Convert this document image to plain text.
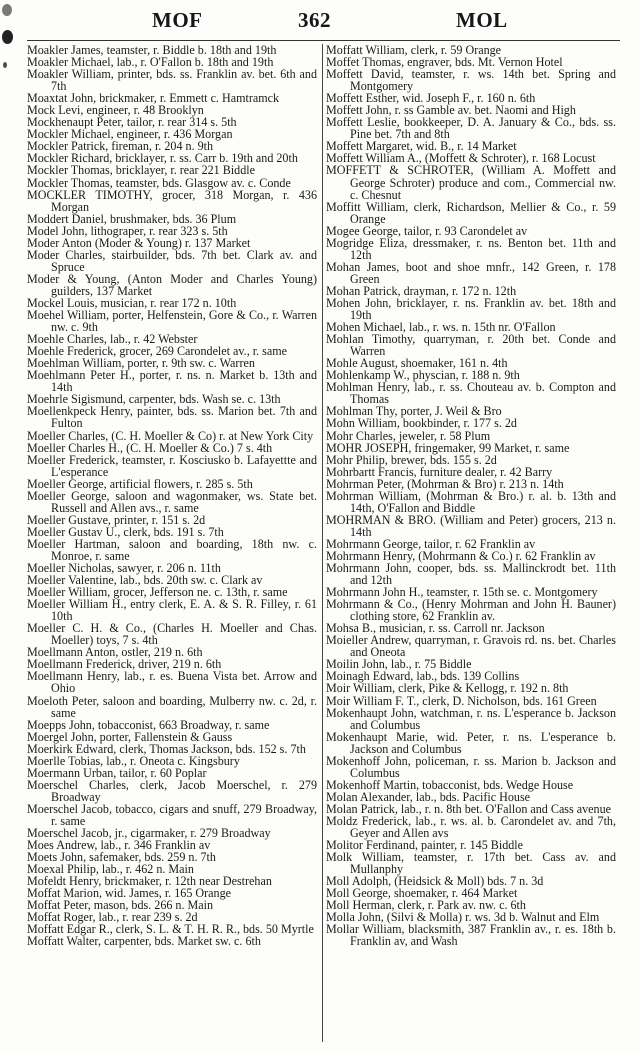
MOF	362	MOL
Moakler James, teamster, r. Biddle b. 18th and 19th
Moakler Michael, lab., r. O'Fallon b. 18th and 19th
Moakler William, printer, bds. ss. Franklin av. bet. 6th and 7th
Moaxtat John, brickmaker, r. Emmett c. Hamtramck
Mock Levi, engineer, r. 48 Brooklyn
Mockhenaupt Peter, tailor, r. rear 314 s. 5th
Mockler Michael, engineer, r. 436 Morgan
Mockler Patrick, fireman, r. 204 n. 9th
Mockler Richard, bricklayer, r. ss. Carr b. 19th and 20th
Mockler Thomas, bricklayer, r. rear 221 Biddle
Mockler Thomas, teamster, bds. Glasgow av. c. Conde
MOCKLER TIMOTHY, grocer, 318 Morgan, r. 436 Morgan
Moddert Daniel, brushmaker, bds. 36 Plum
Model John, lithograper, r. rear 323 s. 5th
Moder Anton (Moder & Young) r. 137 Market
Moder Charles, stairbuilder, bds. 7th bet. Clark av. and Spruce
Moder & Young, (Anton Moder and Charles Young) guilders, 137 Market
Mockel Louis, musician, r. rear 172 n. 10th
Moehel William, porter, Helfenstein, Gore & Co., r. Warren nw. c. 9th
Moehle Charles, lab., r. 42 Webster
Moehle Frederick, grocer, 269 Carondelet av., r. same
Moehlman William, porter, r. 9th sw. c. Warren
Moehlmann Peter H., porter, r. ns. n. Market b. 13th and 14th
Moehrle Sigismund, carpenter, bds. Wash se. c. 13th
Moellenkpeck Henry, painter, bds. ss. Marion bet. 7th and Fulton
Moeller Charles, (C. H. Moeller & Co) r. at New York City
Moeller Charles H., (C. H. Moeller & Co.) 7 s. 4th
Moeller Frederick, teamster, r. Kosciusko b. Lafayettte and L'esperance
Moeller George, artificial flowers, r. 285 s. 5th
Moeller George, saloon and wagonmaker, ws. State bet. Russell and Allen avs., r. same
Moeller Gustave, printer, r. 151 s. 2d
Moeller Gustav U., clerk, bds. 191 s. 7th
Moeller Hartman, saloon and boarding, 18th nw. c. Monroe, r. same
Moeller Nicholas, sawyer, r. 206 n. 11th
Moeller Valentine, lab., bds. 20th sw. c. Clark av
Moeller William, grocer, Jefferson ne. c. 13th, r. same
Moeller William H., entry clerk, E. A. & S. R. Filley, r. 61 10th
Moeller C. H. & Co., (Charles H. Moeller and Chas. Moeller) toys, 7 s. 4th
Moellmann Anton, ostler, 219 n. 6th
Moellmann Frederick, driver, 219 n. 6th
Moellmann Henry, lab., r. es. Buena Vista bet. Arrow and Ohio
Moeloth Peter, saloon and boarding, Mulberry nw. c. 2d, r. same
Moepps John, tobacconist, 663 Broadway, r. same
Moergel John, porter, Fallenstein & Gauss
Moerkirk Edward, clerk, Thomas Jackson, bds. 152 s. 7th
Moerlle Tobias, lab., r. Oneota c. Kingsbury
Moermann Urban, tailor, r. 60 Poplar
Moerschel Charles, clerk, Jacob Moerschel, r. 279 Broadway
Moerschel Jacob, tobacco, cigars and snuff, 279 Broadway, r. same
Moerschel Jacob, jr., cigarmaker, r. 279 Broadway
Moes Andrew, lab., r. 346 Franklin av
Moets John, safemaker, bds. 259 n. 7th
Moexal Philip, lab., r. 462 n. Main
Mofeldt Henry, brickmaker, r. 12th near Destrehan
Moffat Marion, wid. James, r. 165 Orange
Moffat Peter, mason, bds. 266 n. Main
Moffat Roger, lab., r. rear 239 s. 2d
Moffatt Edgar R., clerk, S. L. & T. H. R. R., bds. 50 Myrtle
Moffatt Walter, carpenter, bds. Market sw. c. 6th
Moffatt William, clerk, r. 59 Orange
Moffet Thomas, engraver, bds. Mt. Vernon Hotel
Moffett David, teamster, r. ws. 14th bet. Spring and Montgomery
Moffett Esther, wid. Joseph F., r. 160 n. 6th
Moffett John, r. ss Gamble av. bet. Naomi and High
Moffett Leslie, bookkeeper, D. A. January & Co., bds. ss. Pine bet. 7th and 8th
Moffett Margaret, wid. B., r. 14 Market
Moffett William A., (Moffett & Schroter), r. 168 Locust
MOFFETT & SCHROTER, (William A. Moffett and George Schroter) produce and com., Commercial nw. c. Chesnut
Moffitt William, clerk, Richardson, Mellier & Co., r. 59 Orange
Mogee George, tailor, r. 93 Carondelet av
Mogridge Eliza, dressmaker, r. ns. Benton bet. 11th and 12th
Mohan James, boot and shoe mnfr., 142 Green, r. 178 Green
Mohan Patrick, drayman, r. 172 n. 12th
Mohen John, bricklayer, r. ns. Franklin av. bet. 18th and 19th
Mohen Michael, lab., r. ws. n. 15th nr. O'Fallon
Mohlan Timothy, quarryman, r. 20th bet. Conde and Warren
Mohle August, shoemaker, 161 n. 4th
Mohlenkamp W., physcian, r. 188 n. 9th
Mohlman Henry, lab., r. ss. Chouteau av. b. Compton and Thomas
Mohlman Thy, porter, J. Weil & Bro
Mohn William, bookbinder, r. 177 s. 2d
Mohr Charles, jeweler, r. 58 Plum
MOHR JOSEPH, fringemaker, 99 Market, r. same
Mohr Philip, brewer, bds. 155 s. 2d
Mohrbartt Francis, furniture dealer, r. 42 Barry
Mohrman Peter, (Mohrman & Bro) r. 213 n. 14th
Mohrman William, (Mohrman & Bro.) r. al. b. 13th and 14th, O'Fallon and Biddle
MOHRMAN & BRO. (William and Peter) grocers, 213 n. 14th
Mohrmann George, tailor, r. 62 Franklin av
Mohrmann Henry, (Mohrmann & Co.) r. 62 Franklin av
Mohrmann John, cooper, bds. ss. Mallinckrodt bet. 11th and 12th
Mohrmann John H., teamster, r. 15th se. c. Montgomery
Mohrmann & Co., (Henry Mohrman and John H. Bauner) clothing store, 62 Franklin av.
Mohsa B., musician, r. ss. Carroll nr. Jackson
Moieller Andrew, quarryman, r. Gravois rd. ns. bet. Charles and Oneota
Moilin John, lab., r. 75 Biddle
Moinagh Edward, lab., bds. 139 Collins
Moir William, clerk, Pike & Kellogg, r. 192 n. 8th
Moir William F. T., clerk, D. Nicholson, bds. 161 Green
Mokenhaupt John, watchman, r. ns. L'esperance b. Jackson and Columbus
Mokenhaupt Marie, wid. Peter, r. ns. L'esperance b. Jackson and Columbus
Mokenhoff John, policeman, r. ss. Marion b. Jackson and Columbus
Mokenhoff Martin, tobacconist, bds. Wedge House
Molan Alexander, lab., bds. Pacific House
Molan Patrick, lab., r. n. 8th bet. O'Fallon and Cass avenue
Moldz Frederick, lab., r. ws. al. b. Carondelet av. and 7th, Geyer and Allen avs
Molitor Ferdinand, painter, r. 145 Biddle
Molk William, teamster, r. 17th bet. Cass av. and Mullanphy
Moll Adolph, (Heidsick & Moll) bds. 7 n. 3d
Moll George, shoemaker, r. 464 Market
Moll Herman, clerk, r. Park av. nw. c. 6th
Molla John, (Silvi & Molla) r. ws. 3d b. Walnut and Elm
Mollar William, blacksmith, 387 Franklin av., r. es. 18th b. Franklin av, and Wash
